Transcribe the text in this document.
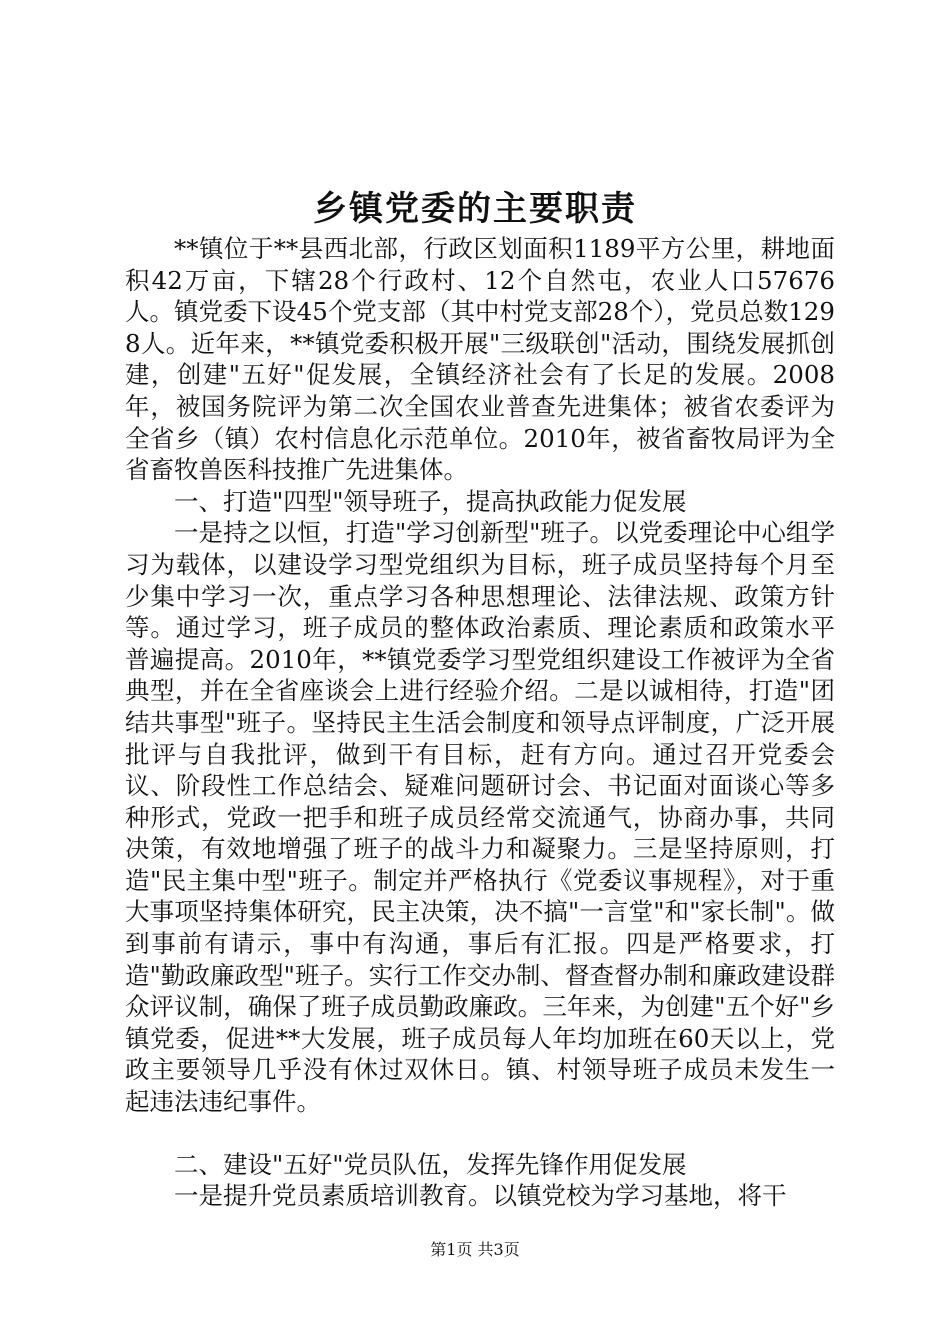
乡镇党委的主要职责

**镇位于**县西北部，行政区划面积1189平方公里，耕地面积42万亩，下辖28个行政村、12个自然屯，农业人口57676人。镇党委下设45个党支部（其中村党支部28个），党员总数1298人。近年来，**镇党委积极开展"三级联创"活动，围绕发展抓创建，创建"五好"促发展，全镇经济社会有了长足的发展。2008年，被国务院评为第二次全国农业普查先进集体；被省农委评为全省乡（镇）农村信息化示范单位。2010年，被省畜牧局评为全省畜牧兽医科技推广先进集体。

一、打造"四型"领导班子，提高执政能力促发展

一是持之以恒，打造"学习创新型"班子。以党委理论中心组学习为载体，以建设学习型党组织为目标，班子成员坚持每个月至少集中学习一次，重点学习各种思想理论、法律法规、政策方针等。通过学习，班子成员的整体政治素质、理论素质和政策水平普遍提高。2010年，**镇党委学习型党组织建设工作被评为全省典型，并在全省座谈会上进行经验介绍。二是以诚相待，打造"团结共事型"班子。坚持民主生活会制度和领导点评制度，广泛开展批评与自我批评，做到干有目标，赶有方向。通过召开党委会议、阶段性工作总结会、疑难问题研讨会、书记面对面谈心等多种形式，党政一把手和班子成员经常交流通气，协商办事，共同决策，有效地增强了班子的战斗力和凝聚力。三是坚持原则，打造"民主集中型"班子。制定并严格执行《党委议事规程》，对于重大事项坚持集体研究，民主决策，决不搞"一言堂"和"家长制"。做到事前有请示，事中有沟通，事后有汇报。四是严格要求，打造"勤政廉政型"班子。实行工作交办制、督查督办制和廉政建设群众评议制，确保了班子成员勤政廉政。三年来，为创建"五个好"乡镇党委，促进**大发展，班子成员每人年均加班在60天以上，党政主要领导几乎没有休过双休日。镇、村领导班子成员未发生一起违法违纪事件。

二、建设"五好"党员队伍，发挥先锋作用促发展

一是提升党员素质培训教育。以镇党校为学习基地，将干

第1页 共3页
